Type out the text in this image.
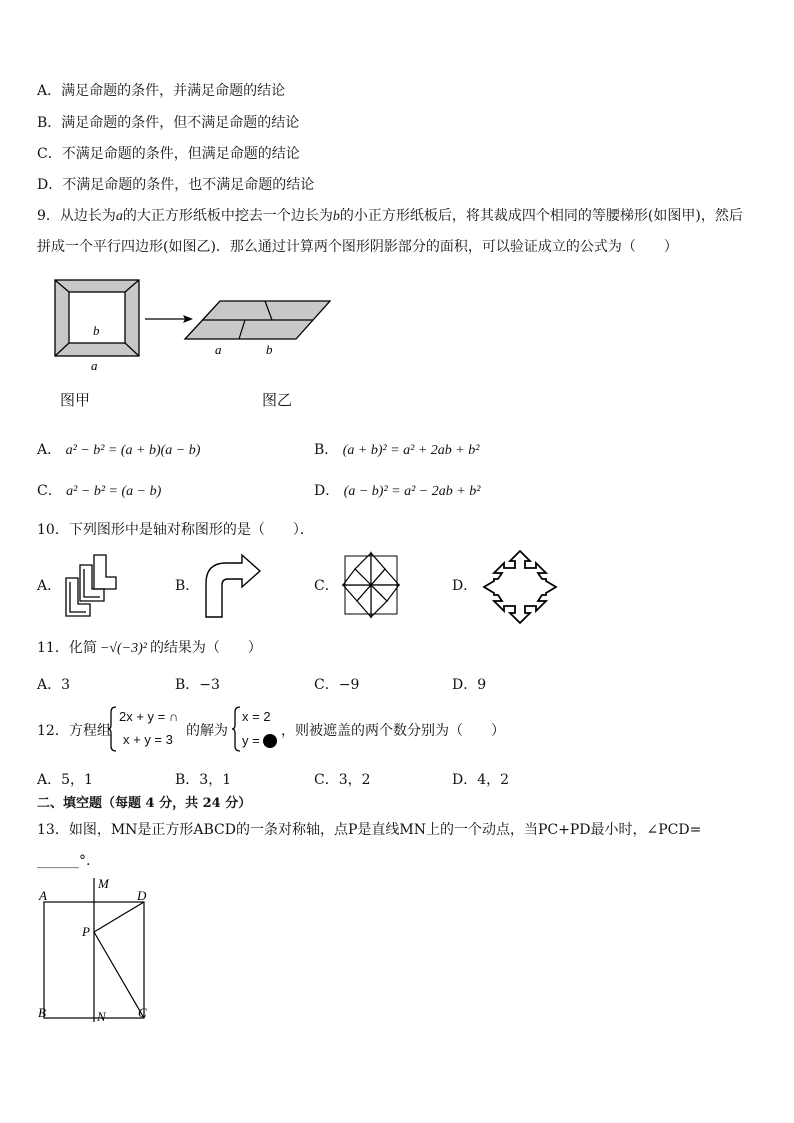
A．满足命题的条件，并满足命题的结论
B．满足命题的条件，但不满足命题的结论
C．不满足命题的条件，但满足命题的结论
D．不满足命题的条件，也不满足命题的结论
9．从边长为a的大正方形纸板中挖去一个边长为b的小正方形纸板后，将其裁成四个相同的等腰梯形(如图甲)，然后
拼成一个平行四边形(如图乙)．那么通过计算两个图形阴影部分的面积，可以验证成立的公式为（　　）
b
a
a	b
图甲	图乙
A． a² − b² = (a + b)(a − b)	B． (a + b)² = a² + 2ab + b²
C． a² − b² = (a − b)	D． (a − b)² = a² − 2ab + b²
10．下列图形中是轴对称图形的是（　　）．
A．	B．	C．	D．
11．化简 −√(−3)² 的结果为（　　）
A．3	B．−3	C．−9	D．9
12．方程组
2x + y = ∩
x + y = 3
的解为
x = 2
y =
，则被遮盖的两个数分别为（　　）
A．5，1	B．3，1	C．3，2	D．4，2
二、填空题（每题 4 分，共 24 分）
13．如图，MN是正方形ABCD的一条对称轴，点P是直线MN上的一个动点，当PC+PD最小时，∠PCD=
______°.
A
M
D
P
B	N C
